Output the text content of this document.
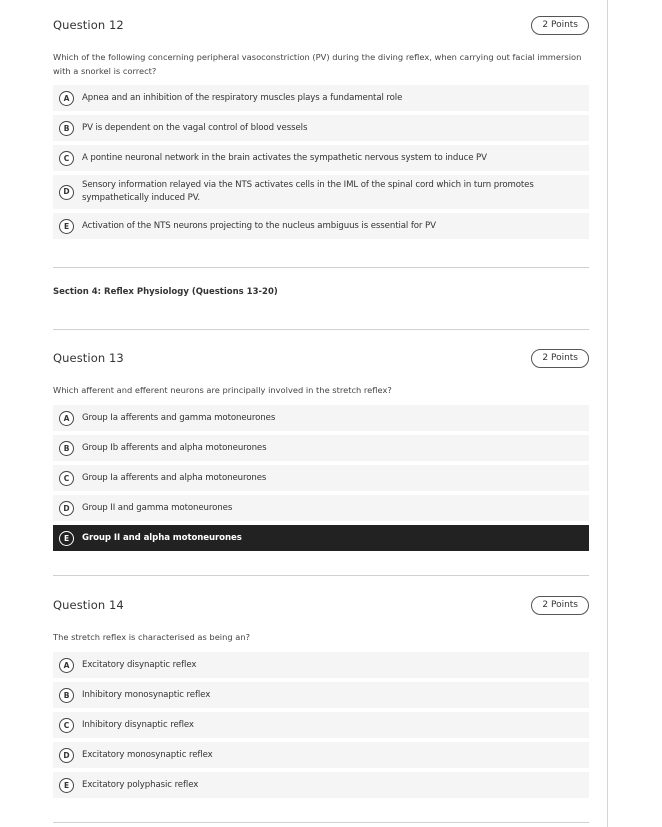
Question 12	2 Points
Which of the following concerning peripheral vasoconstriction (PV) during the diving reflex, when carrying out facial immersion with a snorkel is correct?
A	Apnea and an inhibition of the respiratory muscles plays a fundamental role
B	PV is dependent on the vagal control of blood vessels
C	A pontine neuronal network in the brain activates the sympathetic nervous system to induce PV
D
Sensory information relayed via the NTS activates cells in the IML of the spinal cord which in turn promotes sympathetically induced PV.
E	Activation of the NTS neurons projecting to the nucleus ambiguus is essential for PV
Section 4: Reflex Physiology (Questions 13-20)
Question 13	2 Points
Which afferent and efferent neurons are principally involved in the stretch reflex?
A	Group Ia afferents and gamma motoneurones
B	Group Ib afferents and alpha motoneurones
C	Group Ia afferents and alpha motoneurones
D	Group II and gamma motoneurones
E	Group II and alpha motoneurones
Question 14	2 Points
The stretch reflex is characterised as being an?
A	Excitatory disynaptic reflex
B	Inhibitory monosynaptic reflex
C	Inhibitory disynaptic reflex
D	Excitatory monosynaptic reflex
E	Excitatory polyphasic reflex
